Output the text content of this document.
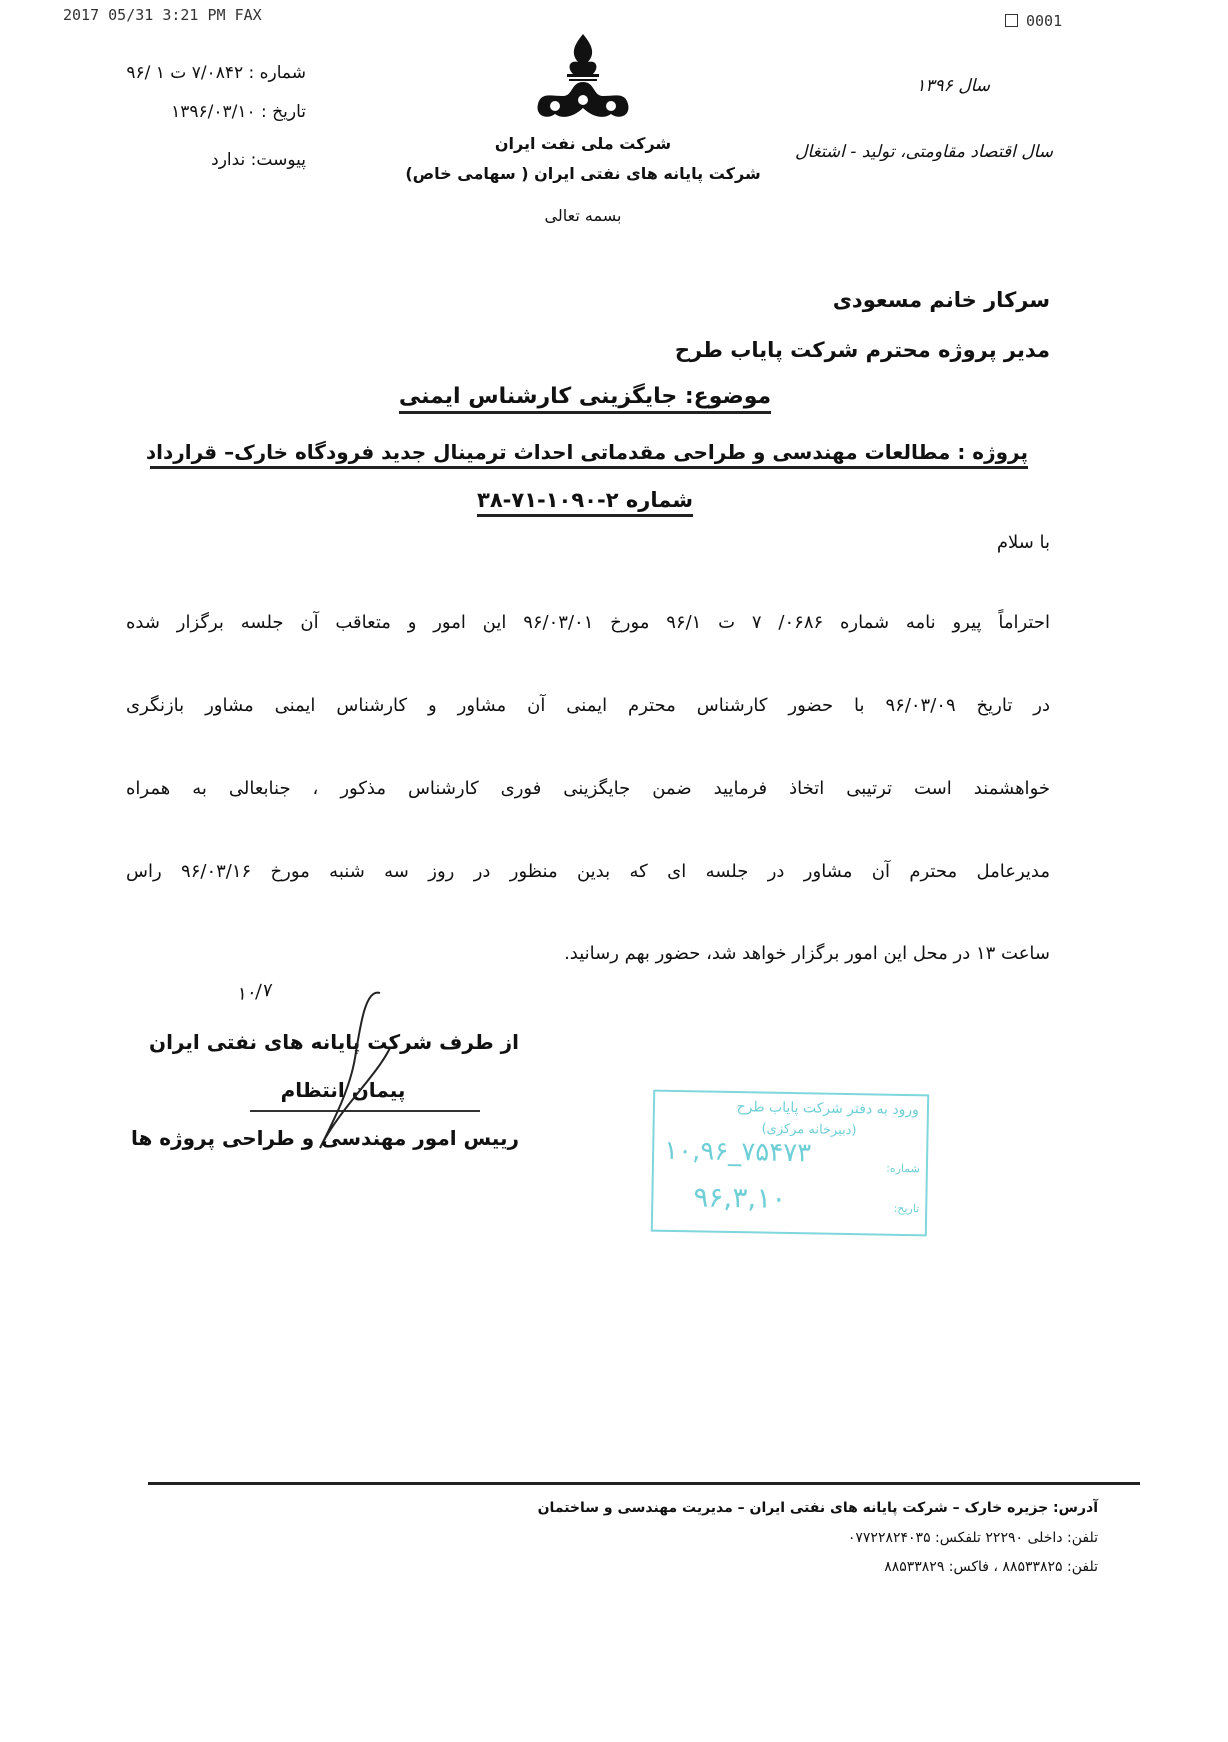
2017 05/31 3:21 PM FAX	0001
شماره : ۷/۰۸۴۲ ت ۱ /۹۶
تاریخ : ۱۳۹۶/۰۳/۱۰
پیوست: ندارد
شرکت ملی نفت ایران
شرکت پایانه های نفتی ایران ( سهامی خاص)
بسمه تعالی
سال ۱۳۹۶
سال اقتصاد مقاومتی، تولید - اشتغال
سرکار خانم مسعودی
مدیر پروژه محترم شرکت پایاب طرح
موضوع: جایگزینی کارشناس ایمنی
پروژه : مطالعات مهندسی و طراحی مقدماتی احداث ترمینال جدید فرودگاه خارک– قرارداد
شماره ۲-۱۰۹۰-۷۱-۳۸
با سلام
احتراماً پیرو نامه شماره ۰۶۸۶/ ۷ ت ۹۶/۱ مورخ ۹۶/۰۳/۰۱ این امور و متعاقب آن جلسه برگزار شده
در تاریخ ۹۶/۰۳/۰۹ با حضور کارشناس محترم ایمنی آن مشاور و کارشناس ایمنی مشاور بازنگری
خواهشمند است ترتیبی اتخاذ فرمایید ضمن جایگزینی فوری کارشناس مذکور ، جنابعالی به همراه
مدیرعامل محترم آن مشاور در جلسه ای که بدین منظور در روز سه شنبه مورخ ۹۶/۰۳/۱۶ راس
ساعت ۱۳ در محل این امور برگزار خواهد شد، حضور بهم رسانید.
۱۰/۷
از طرف شرکت پایانه های نفتی ایران
پیمان انتظام
رییس امور مهندسی و طراحی پروژه ها
ورود به دفتر شرکت پایاب طرح
(دبیرخانه مرکزی)
شماره:
۱۰,۹۶_۷۵۴۷۳
تاریخ:
۹۶,۳,۱۰
آدرس: جزیره خارک – شرکت پایانه های نفتی ایران – مدیریت مهندسی و ساختمان
تلفن: داخلی ۲۲۲۹۰ تلفکس: ۰۷۷۲۲۸۲۴۰۳۵
تلفن: ۸۸۵۳۳۸۲۵ ، فاکس: ۸۸۵۳۳۸۲۹
